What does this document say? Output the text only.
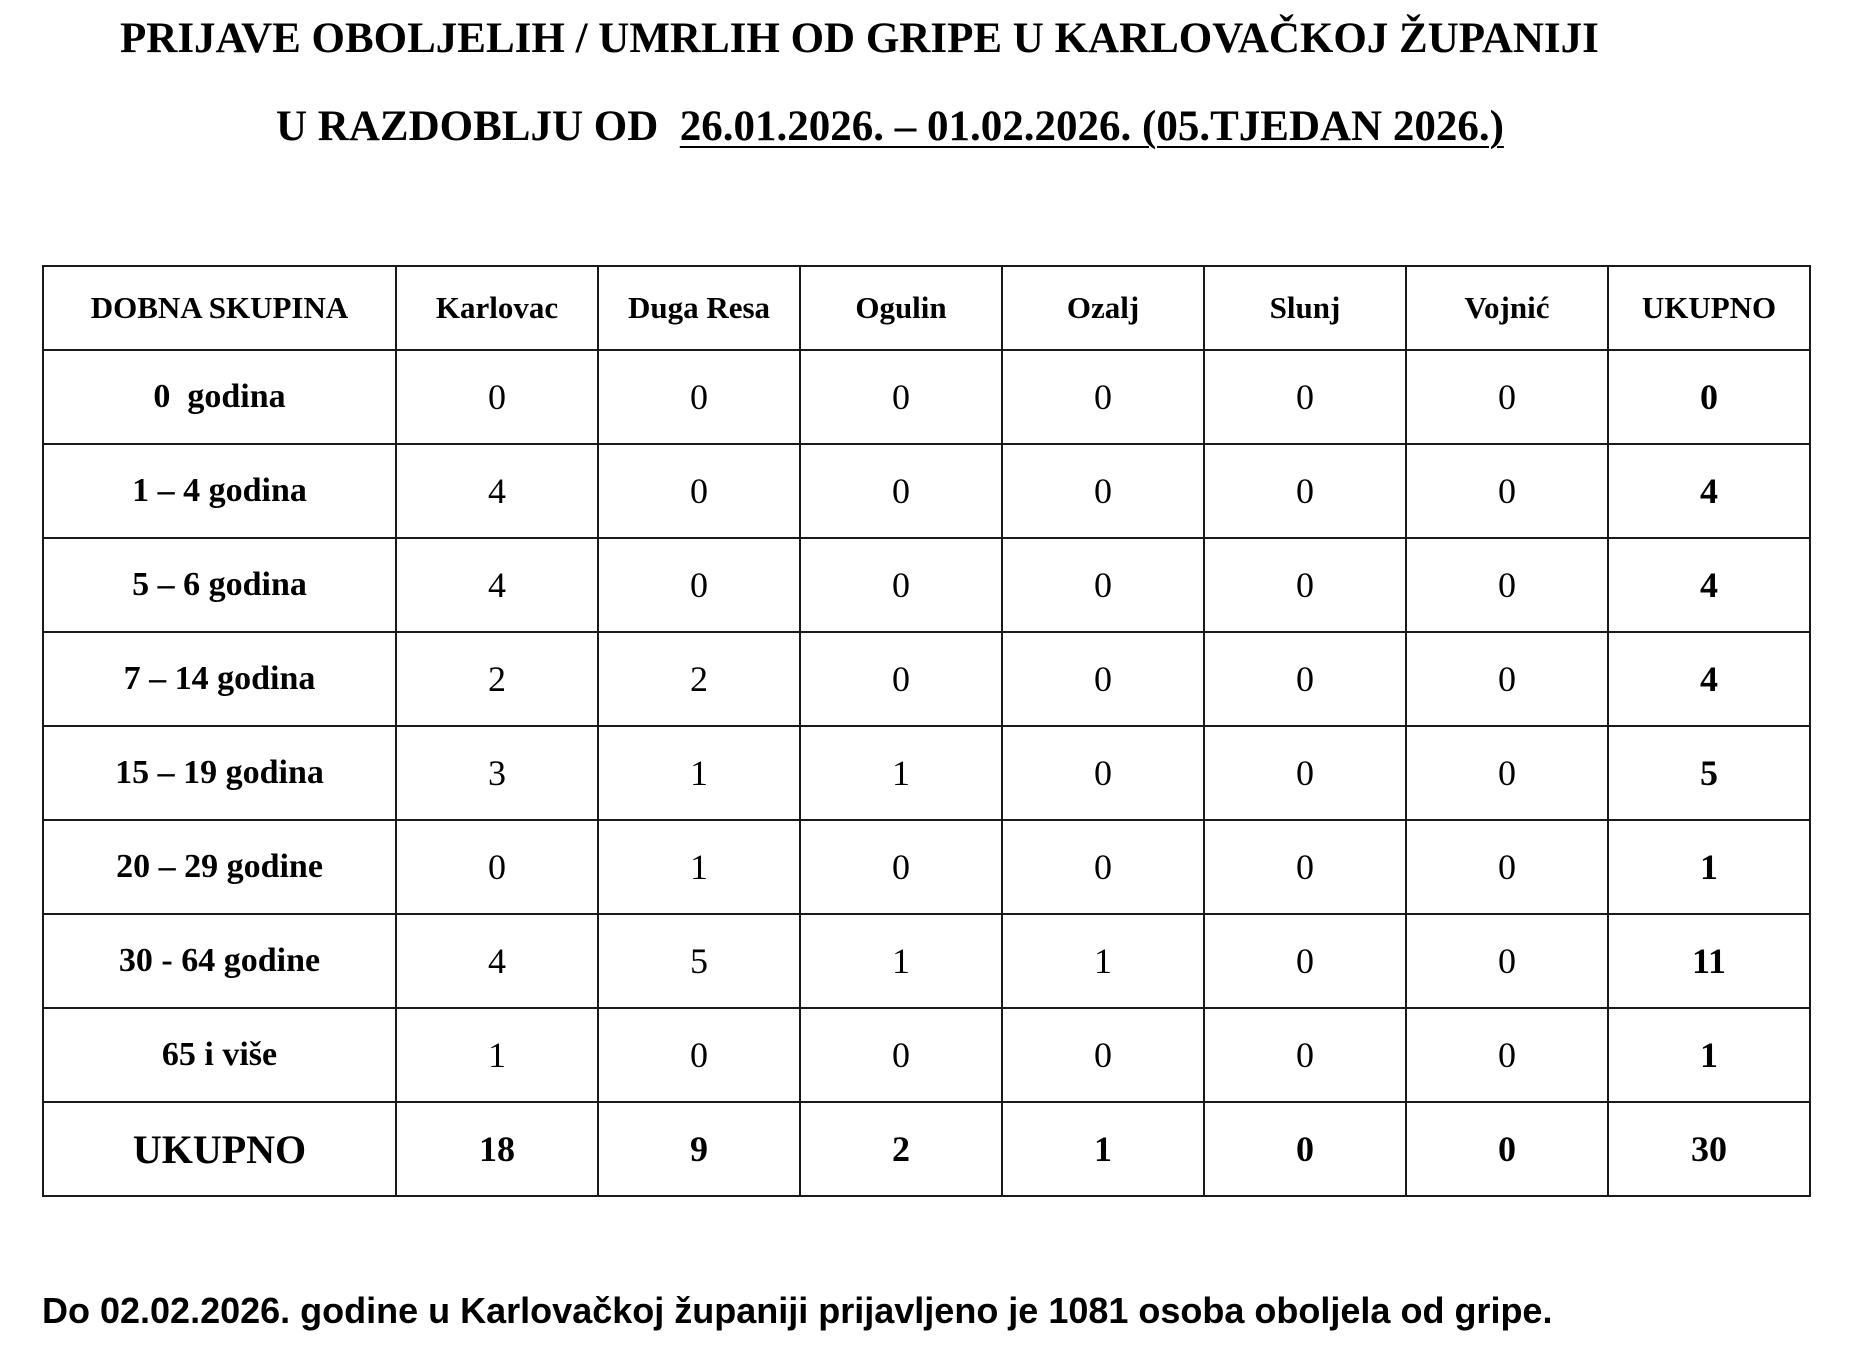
PRIJAVE OBOLJELIH / UMRLIH OD GRIPE U KARLOVAČKOJ ŽUPANIJI
U RAZDOBLJU OD  26.01.2026. – 01.02.2026. (05.TJEDAN 2026.)
DOBNA SKUPINA	Karlovac	Duga Resa	Ogulin	Ozalj	Slunj	Vojnić	UKUPNO
0  godina	0	0	0	0	0	0	0
1 – 4 godina	4	0	0	0	0	0	4
5 – 6 godina	4	0	0	0	0	0	4
7 – 14 godina	2	2	0	0	0	0	4
15 – 19 godina	3	1	1	0	0	0	5
20 – 29 godine	0	1	0	0	0	0	1
30 - 64 godine	4	5	1	1	0	0	11
65 i više	1	0	0	0	0	0	1
UKUPNO	18	9	2	1	0	0	30
Do 02.02.2026. godine u Karlovačkoj županiji prijavljeno je 1081 osoba oboljela od gripe.
